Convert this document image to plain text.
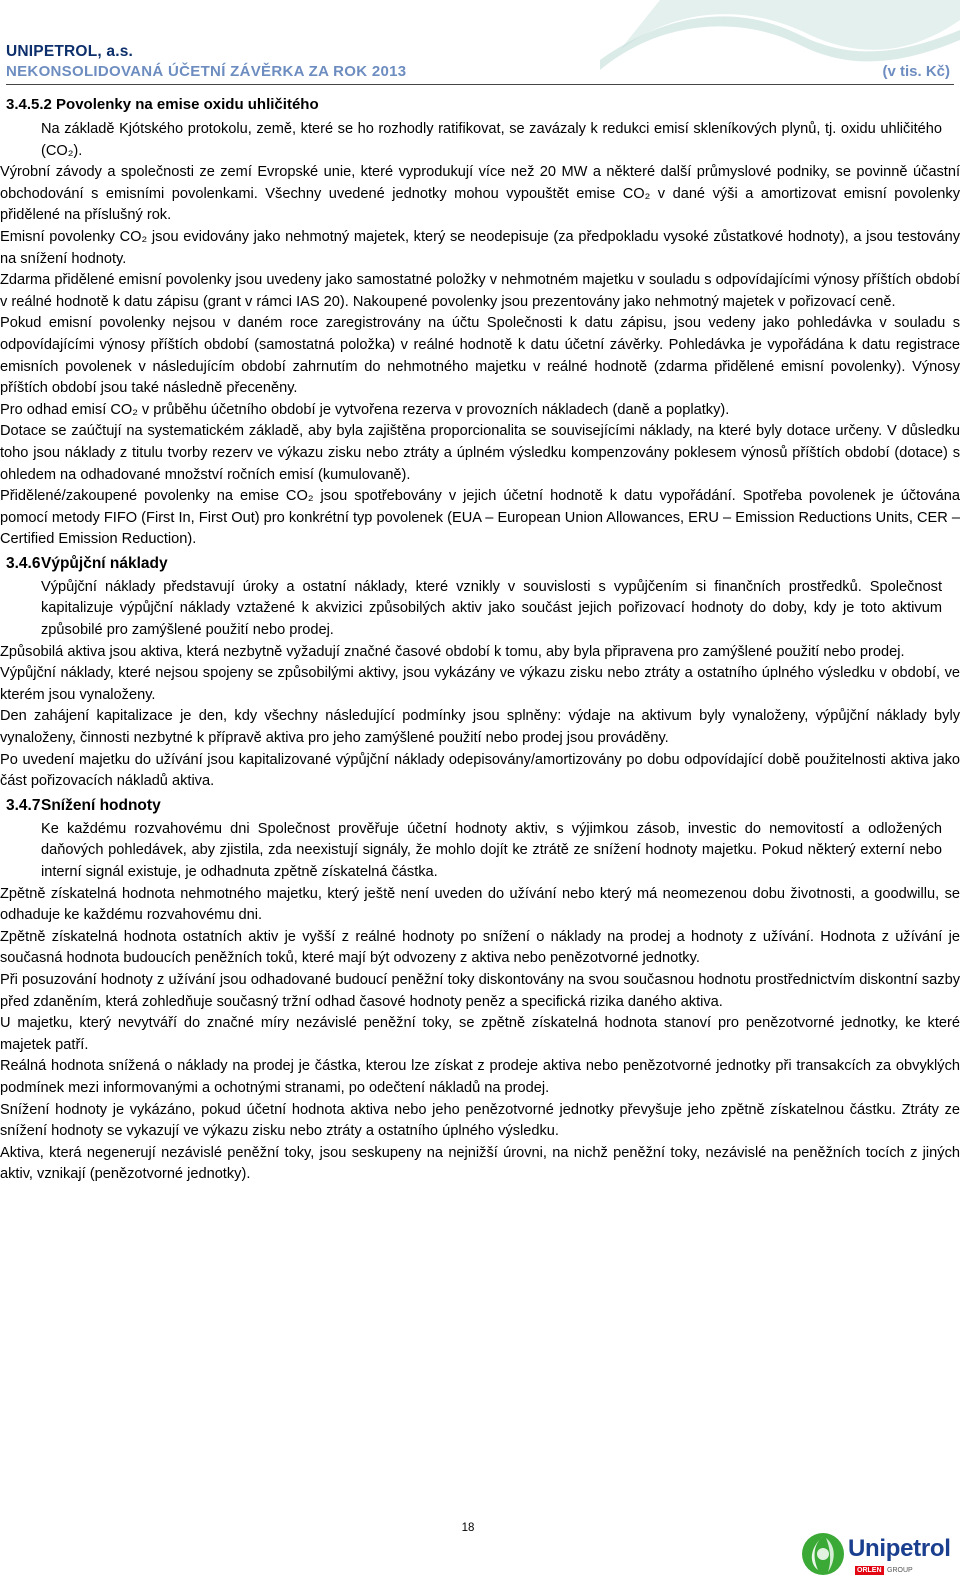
UNIPETROL, a.s.
NEKONSOLIDOVANÁ ÚČETNÍ ZÁVĚRKA ZA ROK 2013	(v tis. Kč)
3.4.5.2 Povolenky na emise oxidu uhličitého

Na základě Kjótského protokolu, země, které se ho rozhodly ratifikovat, se zavázaly k redukci emisí skleníkových plynů, tj. oxidu uhličitého (CO₂).

Výrobní závody a společnosti ze zemí Evropské unie, které vyprodukují více než 20 MW a některé další průmyslové podniky, se povinně účastní obchodování s emisními povolenkami. Všechny uvedené jednotky mohou vypouštět emise CO₂ v dané výši a amortizovat emisní povolenky přidělené na příslušný rok.

Emisní povolenky CO₂ jsou evidovány jako nehmotný majetek, který se neodepisuje (za předpokladu vysoké zůstatkové hodnoty), a jsou testovány na snížení hodnoty.

Zdarma přidělené emisní povolenky jsou uvedeny jako samostatné položky v nehmotném majetku v souladu s odpovídajícími výnosy příštích období v reálné hodnotě k datu zápisu (grant v rámci IAS 20). Nakoupené povolenky jsou prezentovány jako nehmotný majetek v pořizovací ceně.

Pokud emisní povolenky nejsou v daném roce zaregistrovány na účtu Společnosti k datu zápisu, jsou vedeny jako pohledávka v souladu s odpovídajícími výnosy příštích období (samostatná položka) v reálné hodnotě k datu účetní závěrky. Pohledávka je vypořádána k datu registrace emisních povolenek v následujícím období zahrnutím do nehmotného majetku v reálné hodnotě (zdarma přidělené emisní povolenky). Výnosy příštích období jsou také následně přeceněny.

Pro odhad emisí CO₂ v průběhu účetního období je vytvořena rezerva v provozních nákladech (daně a poplatky).

Dotace se zaúčtují na systematickém základě, aby byla zajištěna proporcionalita se souvisejícími náklady, na které byly dotace určeny. V důsledku toho jsou náklady z titulu tvorby rezerv ve výkazu zisku nebo ztráty a úplném výsledku kompenzovány poklesem výnosů příštích období (dotace) s ohledem na odhadované množství ročních emisí (kumulovaně).

Přidělené/zakoupené povolenky na emise CO₂ jsou spotřebovány v jejich účetní hodnotě k datu vypořádání. Spotřeba povolenek je účtována pomocí metody FIFO (First In, First Out) pro konkrétní typ povolenek (EUA – European Union Allowances, ERU – Emission Reductions Units, CER – Certified Emission Reduction).

3.4.6 Výpůjční náklady

Výpůjční náklady představují úroky a ostatní náklady, které vznikly v souvislosti s vypůjčením si finančních prostředků. Společnost kapitalizuje výpůjční náklady vztažené k akvizici způsobilých aktiv jako součást jejich pořizovací hodnoty do doby, kdy je toto aktivum způsobilé pro zamýšlené použití nebo prodej.

Způsobilá aktiva jsou aktiva, která nezbytně vyžadují značné časové období k tomu, aby byla připravena pro zamýšlené použití nebo prodej.

Výpůjční náklady, které nejsou spojeny se způsobilými aktivy, jsou vykázány ve výkazu zisku nebo ztráty a ostatního úplného výsledku v období, ve kterém jsou vynaloženy.

Den zahájení kapitalizace je den, kdy všechny následující podmínky jsou splněny: výdaje na aktivum byly vynaloženy, výpůjční náklady byly vynaloženy, činnosti nezbytné k přípravě aktiva pro jeho zamýšlené použití nebo prodej jsou prováděny.

Po uvedení majetku do užívání jsou kapitalizované výpůjční náklady odepisovány/amortizovány po dobu odpovídající době použitelnosti aktiva jako část pořizovacích nákladů aktiva.

3.4.7 Snížení hodnoty

Ke každému rozvahovému dni Společnost prověřuje účetní hodnoty aktiv, s výjimkou zásob, investic do nemovitostí a odložených daňových pohledávek, aby zjistila, zda neexistují signály, že mohlo dojít ke ztrátě ze snížení hodnoty majetku. Pokud některý externí nebo interní signál existuje, je odhadnuta zpětně získatelná částka.

Zpětně získatelná hodnota nehmotného majetku, který ještě není uveden do užívání nebo který má neomezenou dobu životnosti, a goodwillu, se odhaduje ke každému rozvahovému dni.

Zpětně získatelná hodnota ostatních aktiv je vyšší z reálné hodnoty po snížení o náklady na prodej a hodnoty z užívání. Hodnota z užívání je současná hodnota budoucích peněžních toků, které mají být odvozeny z aktiva nebo penězotvorné jednotky.

Při posuzování hodnoty z užívání jsou odhadované budoucí peněžní toky diskontovány na svou současnou hodnotu prostřednictvím diskontní sazby před zdaněním, která zohledňuje současný tržní odhad časové hodnoty peněz a specifická rizika daného aktiva.

U majetku, který nevytváří do značné míry nezávislé peněžní toky, se zpětně získatelná hodnota stanoví pro penězotvorné jednotky, ke které majetek patří.

Reálná hodnota snížená o náklady na prodej je částka, kterou lze získat z prodeje aktiva nebo penězotvorné jednotky při transakcích za obvyklých podmínek mezi informovanými a ochotnými stranami, po odečtení nákladů na prodej.

Snížení hodnoty je vykázáno, pokud účetní hodnota aktiva nebo jeho penězotvorné jednotky převyšuje jeho zpětně získatelnou částku. Ztráty ze snížení hodnoty se vykazují ve výkazu zisku nebo ztráty a ostatního úplného výsledku.

Aktiva, která negenerují nezávislé peněžní toky, jsou seskupeny na nejnižší úrovni, na nichž peněžní toky, nezávislé na peněžních tocích z jiných aktiv, vznikají (penězotvorné jednotky).

18
Unipetrol
ORLEN GROUP
